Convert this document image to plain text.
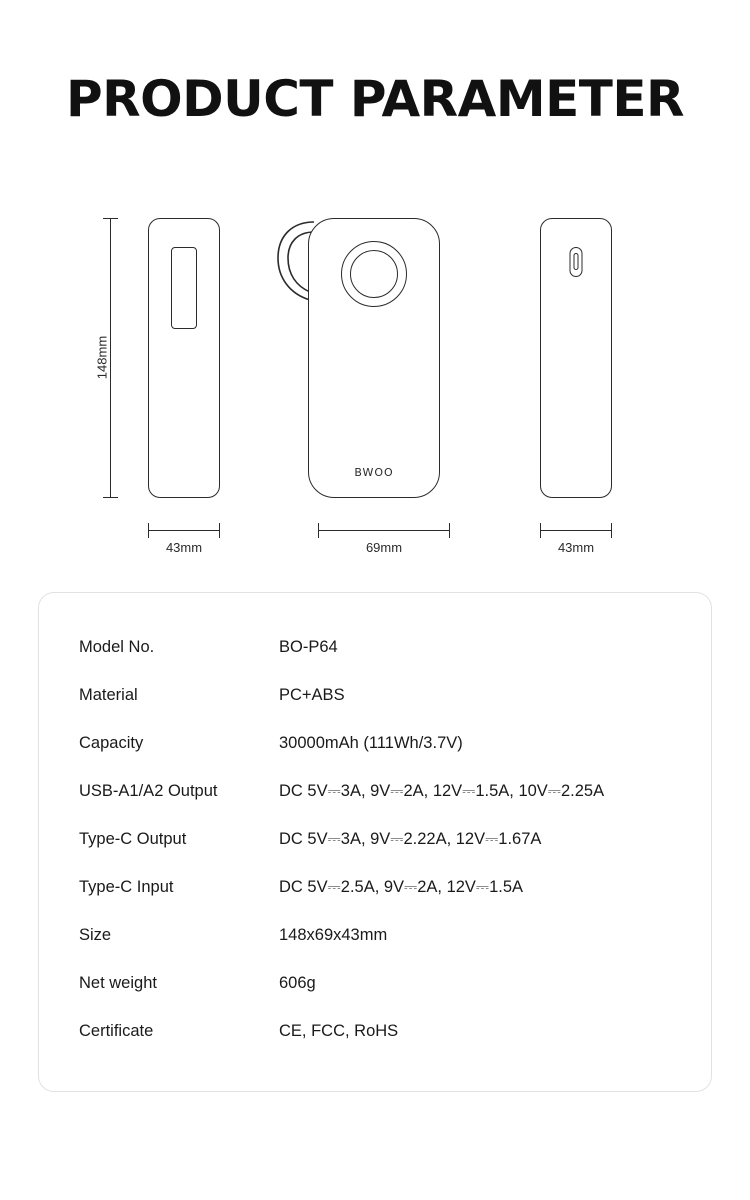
PRODUCT PARAMETER
148mm
BWOO
43mm	69mm	43mm
Model No.	BO-P64
Material	PC+ABS
Capacity	30000mAh (111Wh/3.7V)
USB-A1/A2 Output	DC 5V⎓3A, 9V⎓2A, 12V⎓1.5A, 10V⎓2.25A
Type-C Output	DC 5V⎓3A, 9V⎓2.22A, 12V⎓1.67A
Type-C Input	DC 5V⎓2.5A, 9V⎓2A, 12V⎓1.5A
Size	148x69x43mm
Net weight	606g
Certificate	CE, FCC, RoHS
